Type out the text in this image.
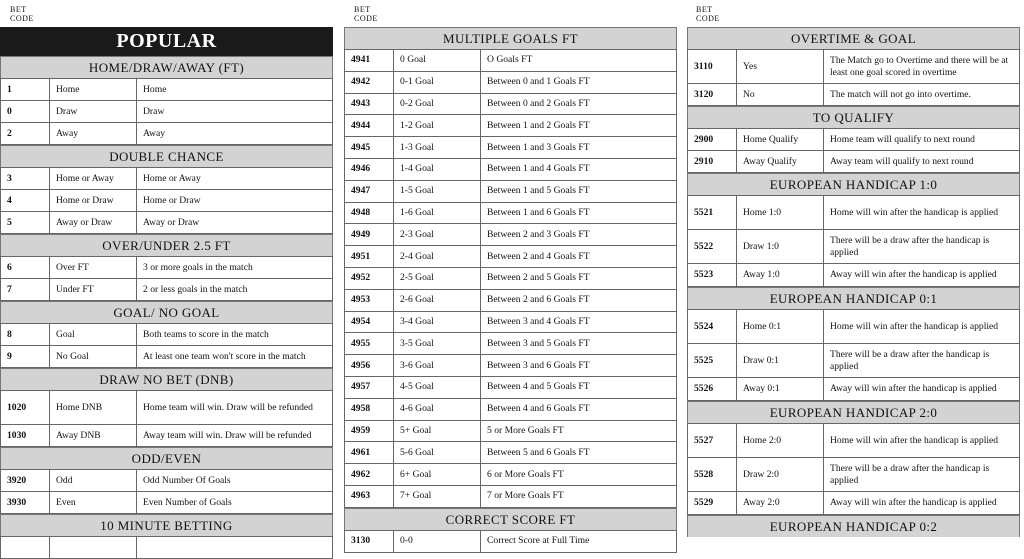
BET
CODE
POPULAR
HOME/DRAW/AWAY (FT)
1	Home	Home
0	Draw	Draw
2	Away	Away
DOUBLE CHANCE
3	Home or Away	Home or Away
4	Home or Draw	Home or Draw
5	Away or Draw	Away or Draw
OVER/UNDER 2.5 FT
6	Over FT	3 or more goals in the match
7	Under FT	2 or less goals in the match
GOAL/ NO GOAL
8	Goal	Both teams to score in the match
9	No Goal	At least one team won't score in the match
DRAW NO BET (DNB)
1020	Home DNB	Home team will win. Draw will be refunded
1030	Away DNB	Away team will win. Draw will be refunded
ODD/EVEN
3920	Odd	Odd Number Of Goals
3930	Even	Even Number of Goals
10 MINUTE BETTING

BET
CODE
MULTIPLE GOALS FT
4941	0 Goal	O Goals FT
4942	0-1 Goal	Between 0 and 1 Goals FT
4943	0-2 Goal	Between 0 and 2 Goals FT
4944	1-2 Goal	Between 1 and 2 Goals FT
4945	1-3 Goal	Between 1 and 3 Goals FT
4946	1-4 Goal	Between 1 and 4 Goals FT
4947	1-5 Goal	Between 1 and 5 Goals FT
4948	1-6 Goal	Between 1 and 6 Goals FT
4949	2-3 Goal	Between 2 and 3 Goals FT
4951	2-4 Goal	Between 2 and 4 Goals FT
4952	2-5 Goal	Between 2 and 5 Goals FT
4953	2-6 Goal	Between 2 and 6 Goals FT
4954	3-4 Goal	Between 3 and 4 Goals FT
4955	3-5 Goal	Between 3 and 5 Goals FT
4956	3-6 Goal	Between 3 and 6 Goals FT
4957	4-5 Goal	Between 4 and 5 Goals FT
4958	4-6 Goal	Between 4 and 6 Goals FT
4959	5+ Goal	5 or More Goals FT
4961	5-6 Goal	Between 5 and 6 Goals FT
4962	6+ Goal	6 or More Goals FT
4963	7+ Goal	7 or More Goals FT
CORRECT SCORE FT
3130	0-0	Correct Score at Full Time
BET
CODE
OVERTIME & GOAL
3110	Yes	The Match go to Overtime and there will be at least one goal scored in overtime
3120	No	The match will not go into overtime.
TO QUALIFY
2900	Home Qualify	Home team will qualify to next round
2910	Away Qualify	Away team will qualify to next round
EUROPEAN HANDICAP 1:0
5521	Home 1:0	Home will win after the handicap is applied
5522	Draw 1:0	There will be a draw after the handicap is applied
5523	Away 1:0	Away will win after the handicap is applied
EUROPEAN HANDICAP 0:1
5524	Home 0:1	Home will win after the handicap is applied
5525	Draw 0:1	There will be a draw after the handicap is applied
5526	Away 0:1	Away will win after the handicap is applied
EUROPEAN HANDICAP 2:0
5527	Home 2:0	Home will win after the handicap is applied
5528	Draw 2:0	There will be a draw after the handicap is applied
5529	Away 2:0	Away will win after the handicap is applied
EUROPEAN HANDICAP 0:2
